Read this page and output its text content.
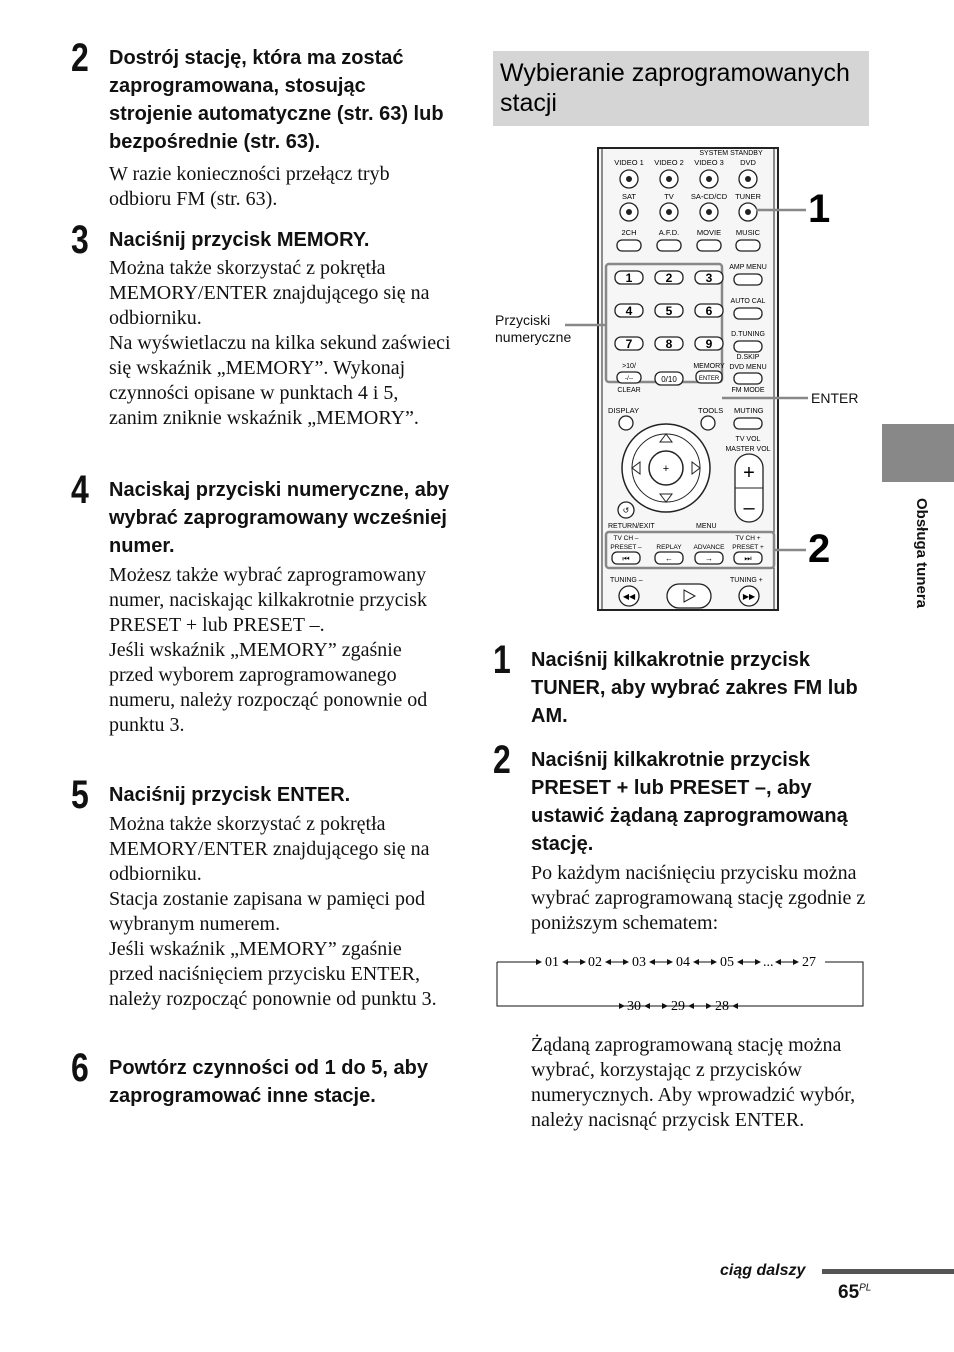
2 Dostrój stację, która ma zostać zaprogramowana, stosując strojenie automatyczne (str. 63) lub bezpośrednie (str. 63).

W razie konieczności przełącz tryb odbioru FM (str. 63).

3 Naciśnij przycisk MEMORY.

Można także skorzystać z pokrętła MEMORY/ENTER znajdującego się na odbiorniku.

Na wyświetlaczu na kilka sekund zaświeci się wskaźnik „MEMORY”. Wykonaj czynności opisane w punktach 4 i 5, zanim zniknie wskaźnik „MEMORY”.

4 Naciskaj przyciski numeryczne, aby wybrać zaprogramowany wcześniej numer.

Możesz także wybrać zaprogramowany numer, naciskając kilkakrotnie przycisk PRESET + lub PRESET –.

Jeśli wskaźnik „MEMORY” zgaśnie przed wyborem zaprogramowanego numeru, należy rozpocząć ponownie od punktu 3.

5 Naciśnij przycisk ENTER.

Można także skorzystać z pokrętła MEMORY/ENTER znajdującego się na odbiorniku.

Stacja zostanie zapisana w pamięci pod wybranym numerem.

Jeśli wskaźnik „MEMORY” zgaśnie przed naciśnięciem przycisku ENTER, należy rozpocząć ponownie od punktu 3.

6 Powtórz czynności od 1 do 5, aby zaprogramować inne stacje.

Wybieranie zaprogramowanych stacji
SYSTEM STANDBY
VIDEO 1 VIDEO 2 VIDEO 3 DVD
SAT	TV SA-CD/CD TUNER
2CH	A.F.D. MOVIE MUSIC
1	2	3
4	5	6
7	8	9
AMP MENU
AUTO CAL
D.TUNING
D.SKIP
DVD MENU
FM MODE
>10/
CLEAR
MEMORY
-/--	0/10	ENTER
DISPLAY	TOOLS MUTING
+
TV VOL
MASTER VOL
+
–
↺
RETURN/EXIT	MENU
TV CH –
PRESET – REPLAY ADVANCE
TV CH +
PRESET +
⏮	←	→	⏭
TUNING –	TUNING +
◀◀	▶▶
1
2
Przyciski
numeryczne
ENTER
1 Naciśnij kilkakrotnie przycisk TUNER, aby wybrać zakres FM lub AM.

2 Naciśnij kilkakrotnie przycisk PRESET + lub PRESET –, aby ustawić żądaną zaprogramowaną stację.

Po każdym naciśnięciu przycisku można wybrać zaprogramowaną stację zgodnie z poniższym schematem:

01 02 03 04 05 ... 27
30 29 28
Żądaną zaprogramowaną stację można wybrać, korzystając z przycisków numerycznych. Aby wprowadzić wybór, należy nacisnąć przycisk ENTER.
Obsługa tunera
ciąg dalszy
$65^{PL}$
